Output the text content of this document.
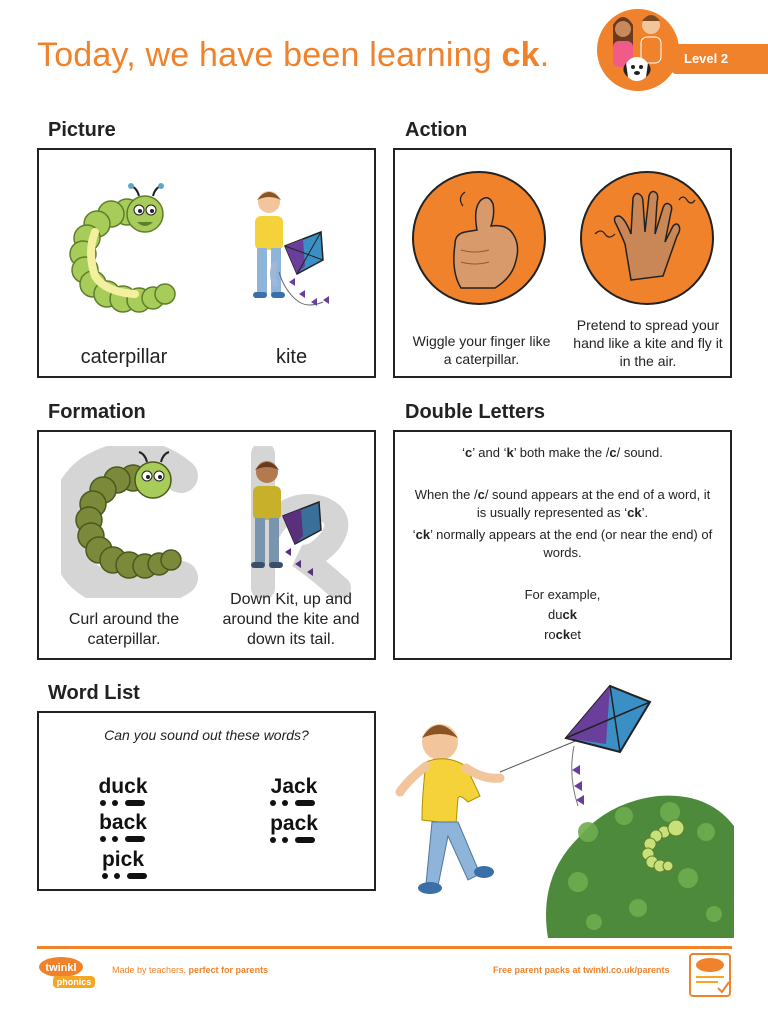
Today, we have been learning ck.	Level 2
Picture
caterpillar	kite
Action
Wiggle your finger like a caterpillar.
Pretend to spread your hand like a kite and fly it in the air.
Formation
Curl around the caterpillar.
Down Kit, up and around the kite and down its tail.
Double Letters
‘c’ and ‘k’ both make the /c/ sound.
When the /c/ sound appears at the end of a word, it is usually represented as ‘ck’.
‘ck’ normally appears at the end (or near the end) of words.
For example,
duck
rocket
Word List
Can you sound out these words?
duck
back
pick
Jack
pack
twinkl
phonics
Made by teachers, perfect for parents	Free parent packs at twinkl.co.uk/parents
